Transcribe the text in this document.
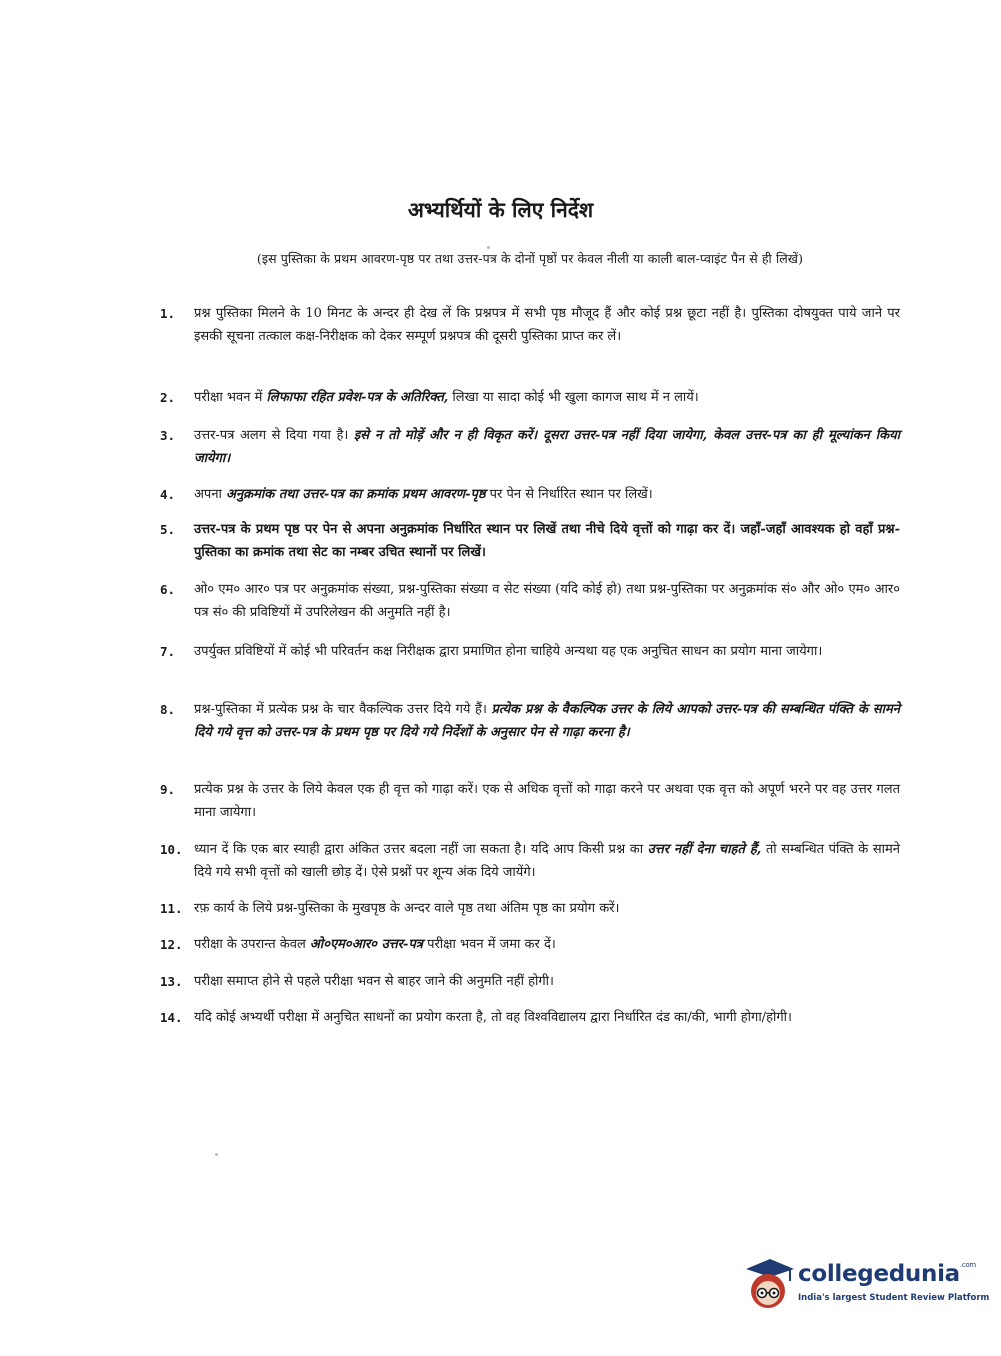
अभ्यर्थियों के लिए निर्देश
(इस पुस्तिका के प्रथम आवरण-पृष्ठ पर तथा उत्तर-पत्र के दोनों पृष्ठों पर केवल नीली या काली बाल-प्वाइंट पैन से ही लिखें)
1.	प्रश्न पुस्तिका मिलने के 10 मिनट के अन्दर ही देख लें कि प्रश्नपत्र में सभी पृष्ठ मौजूद हैं और कोई प्रश्न छूटा नहीं है। पुस्तिका दोषयुक्त पाये जाने पर इसकी सूचना तत्काल कक्ष-निरीक्षक को देकर सम्पूर्ण प्रश्नपत्र की दूसरी पुस्तिका प्राप्त कर लें।
2.	परीक्षा भवन में लिफाफा रहित प्रवेश-पत्र के अतिरिक्त, लिखा या सादा कोई भी खुला कागज साथ में न लायें।
3.	उत्तर-पत्र अलग से दिया गया है। इसे न तो मोड़ें और न ही विकृत करें। दूसरा उत्तर-पत्र नहीं दिया जायेगा, केवल उत्तर-पत्र का ही मूल्यांकन किया जायेगा।
4.	अपना अनुक्रमांक तथा उत्तर-पत्र का क्रमांक प्रथम आवरण-पृष्ठ पर पेन से निर्धारित स्थान पर लिखें।
5.	उत्तर-पत्र के प्रथम पृष्ठ पर पेन से अपना अनुक्रमांक निर्धारित स्थान पर लिखें तथा नीचे दिये वृत्तों को गाढ़ा कर दें। जहाँ-जहाँ आवश्यक हो वहाँ प्रश्न-पुस्तिका का क्रमांक तथा सेट का नम्बर उचित स्थानों पर लिखें।
6.	ओ० एम० आर० पत्र पर अनुक्रमांक संख्या, प्रश्न-पुस्तिका संख्या व सेट संख्या (यदि कोई हो) तथा प्रश्न-पुस्तिका पर अनुक्रमांक सं० और ओ० एम० आर० पत्र सं० की प्रविष्टियों में उपरिलेखन की अनुमति नहीं है।
7.	उपर्युक्त प्रविष्टियों में कोई भी परिवर्तन कक्ष निरीक्षक द्वारा प्रमाणित होना चाहिये अन्यथा यह एक अनुचित साधन का प्रयोग माना जायेगा।
8.	प्रश्न-पुस्तिका में प्रत्येक प्रश्न के चार वैकल्पिक उत्तर दिये गये हैं। प्रत्येक प्रश्न के वैकल्पिक उत्तर के लिये आपको उत्तर-पत्र की सम्बन्धित पंक्ति के सामने दिये गये वृत्त को उत्तर-पत्र के प्रथम पृष्ठ पर दिये गये निर्देशों के अनुसार पेन से गाढ़ा करना है।
9.	प्रत्येक प्रश्न के उत्तर के लिये केवल एक ही वृत्त को गाढ़ा करें। एक से अधिक वृत्तों को गाढ़ा करने पर अथवा एक वृत्त को अपूर्ण भरने पर वह उत्तर गलत माना जायेगा।
10. ध्यान दें कि एक बार स्याही द्वारा अंकित उत्तर बदला नहीं जा सकता है। यदि आप किसी प्रश्न का उत्तर नहीं देना चाहते हैं, तो सम्बन्धित पंक्ति के सामने दिये गये सभी वृत्तों को खाली छोड़ दें। ऐसे प्रश्नों पर शून्य अंक दिये जायेंगे।
11. रफ़ कार्य के लिये प्रश्न-पुस्तिका के मुखपृष्ठ के अन्दर वाले पृष्ठ तथा अंतिम पृष्ठ का प्रयोग करें।
12. परीक्षा के उपरान्त केवल ओ०एम०आर० उत्तर-पत्र परीक्षा भवन में जमा कर दें।
13. परीक्षा समाप्त होने से पहले परीक्षा भवन से बाहर जाने की अनुमति नहीं होगी।
14. यदि कोई अभ्यर्थी परीक्षा में अनुचित साधनों का प्रयोग करता है, तो वह विश्वविद्यालय द्वारा निर्धारित दंड का/की, भागी होगा/होगी।
collegedunia$^{.com}$
India's largest Student Review Platform
